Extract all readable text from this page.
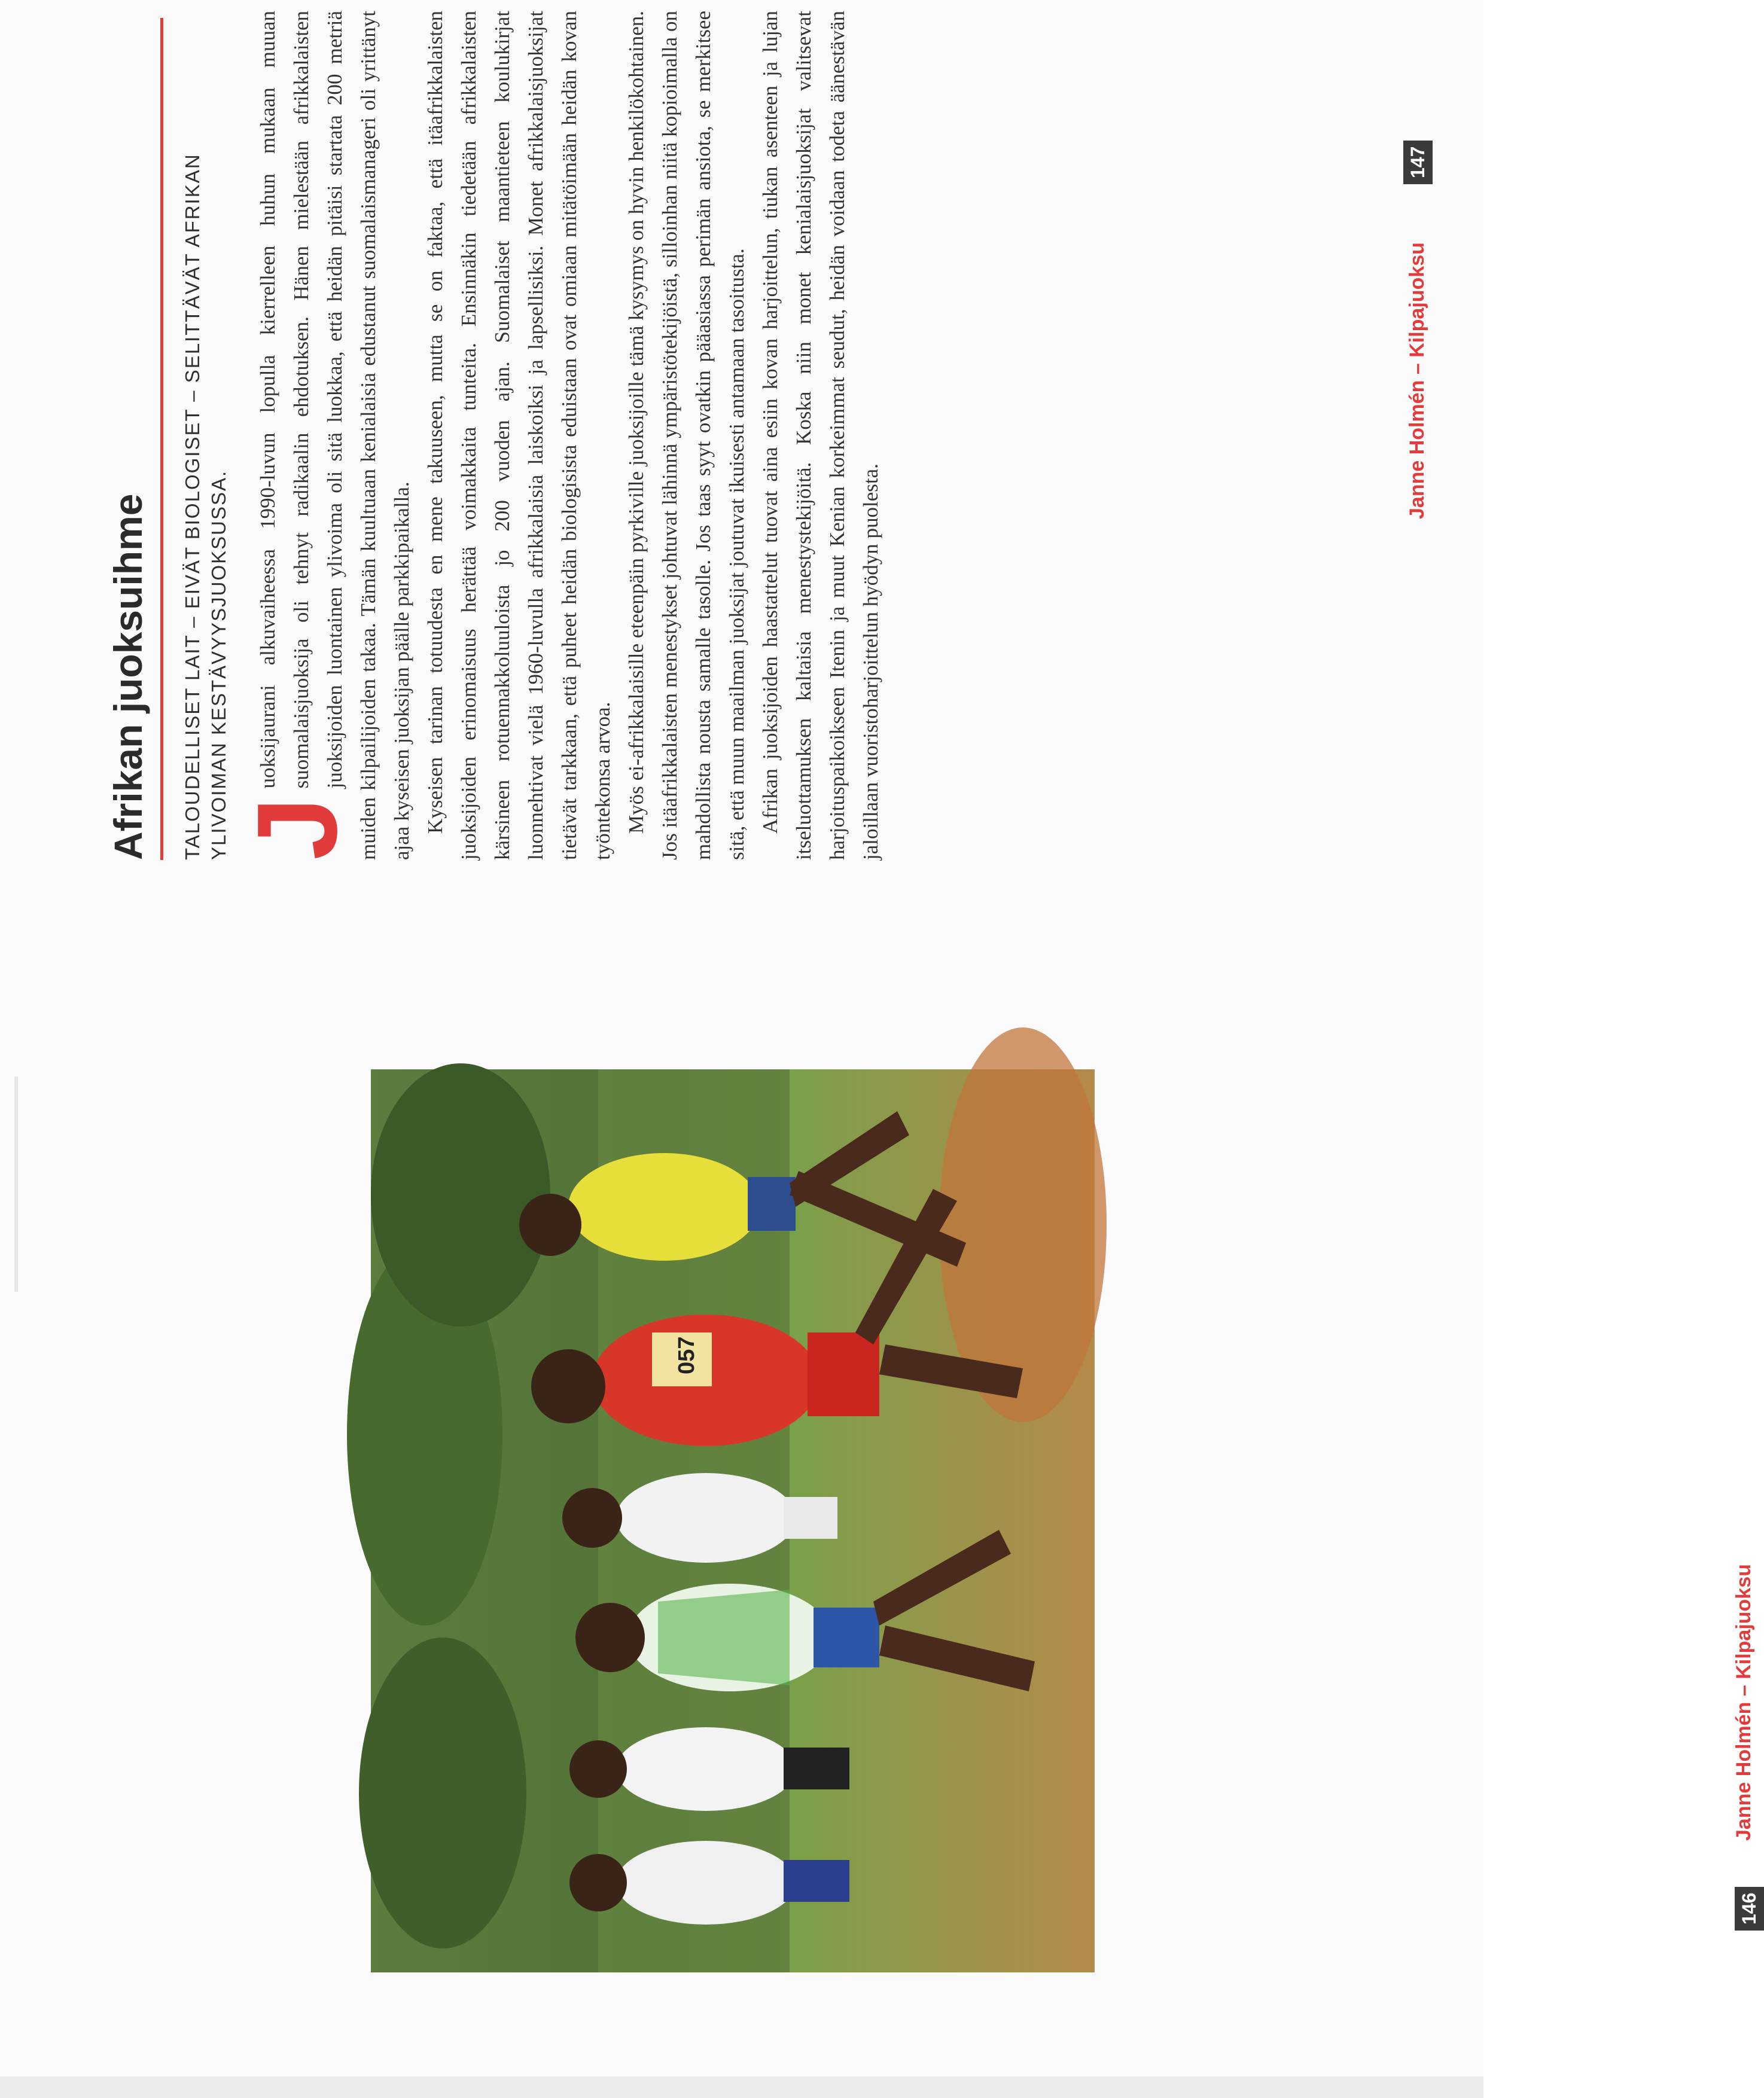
057
146
Janne Holmén – Kilpajuoksu
Afrikan juoksuihme TALOUDELLISET LAIT – EIVÄT BIOLOGISET – SELITTÄVÄT AFRIKAN YLIVOIMAN KESTÄVYYSJUOKSUSSA. J
uoksijaurani alkuvaiheessa 1990-luvun lopulla kierrelleen huhun mukaan muuan suomalaisjuoksija oli tehnyt radikaalin ehdotuksen. Hänen mielestään afrikkalaisten juoksijoiden luontainen ylivoima oli sitä luokkaa, että heidän pitäisi startata 200 metriä muiden kilpailijoiden takaa. Tämän kuultuaan kenialaisia edustanut suomalaismanageri oli yrittänyt ajaa kyseisen juoksijan päälle parkkipaikalla. Kyseisen tarinan totuudesta en mene takuuseen, mutta se on faktaa, että itäafrikkalaisten juoksijoiden erinomaisuus herättää voimakkaita tunteita. Ensinnäkin tiedetään afrikkalaisten kärsineen rotuennakkoluuloista jo 200 vuoden ajan. Suomalaiset maantieteen koulukirjat luonnehtivat vielä 1960-luvulla afrikkalaisia laiskoiksi ja lapsellisiksi. Monet afrikkalaisjuoksijat tietävät tarkkaan, että puheet heidän biologisista eduistaan ovat omiaan mitätöimään heidän kovan työntekonsa arvoa. Myös ei-afrikkalaisille eteenpäin pyrkiville juoksijoille tämä kysymys on hyvin henkilökohtainen. Jos itäafrikkalaisten menestykset johtuvat lähinnä ympäristötekijöistä, silloinhan niitä kopioimalla on mahdollista nousta samalle tasolle. Jos taas syyt ovatkin pääasiassa perimän ansiota, se merkitsee sitä, että muun maailman juoksijat joutuvat ikuisesti antamaan tasoitusta. Afrikan juoksijoiden haastattelut tuovat aina esiin kovan harjoittelun, tiukan asenteen ja lujan itseluottamuksen kaltaisia menestystekijöitä. Koska niin monet kenialaisjuoksijat valitsevat harjoituspaikoikseen Itenin ja muut Kenian korkeimmat seudut, heidän voidaan todeta äänestävän jaloillaan vuoristoharjoittelun hyödyn puolesta.

Janne Holmén – Kilpajuoksu
147
